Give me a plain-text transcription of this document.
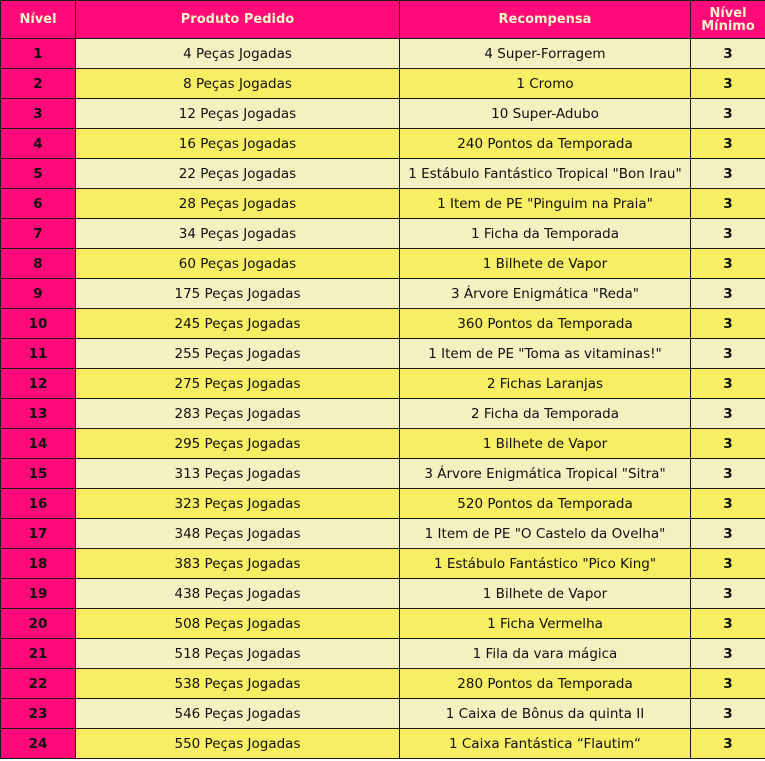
Nível	Produto Pedido	Recompensa	Nível
Mínimo
1	4 Peças Jogadas	4 Super-Forragem	3
2	8 Peças Jogadas	1 Cromo	3
3	12 Peças Jogadas	10 Super-Adubo	3
4	16 Peças Jogadas	240 Pontos da Temporada	3
5	22 Peças Jogadas	1 Estábulo Fantástico Tropical "Bon Irau"	3
6	28 Peças Jogadas	1 Item de PE "Pinguim na Praia"	3
7	34 Peças Jogadas	1 Ficha da Temporada	3
8	60 Peças Jogadas	1 Bilhete de Vapor	3
9	175 Peças Jogadas	3 Árvore Enigmática "Reda"	3
10	245 Peças Jogadas	360 Pontos da Temporada	3
11	255 Peças Jogadas	1 Item de PE "Toma as vitaminas!"	3
12	275 Peças Jogadas	2 Fichas Laranjas	3
13	283 Peças Jogadas	2 Ficha da Temporada	3
14	295 Peças Jogadas	1 Bilhete de Vapor	3
15	313 Peças Jogadas	3 Árvore Enigmática Tropical "Sitra"	3
16	323 Peças Jogadas	520 Pontos da Temporada	3
17	348 Peças Jogadas	1 Item de PE "O Castelo da Ovelha"	3
18	383 Peças Jogadas	1 Estábulo Fantástico "Pico King"	3
19	438 Peças Jogadas	1 Bilhete de Vapor	3
20	508 Peças Jogadas	1 Ficha Vermelha	3
21	518 Peças Jogadas	1 Fila da vara mágica	3
22	538 Peças Jogadas	280 Pontos da Temporada	3
23	546 Peças Jogadas	1 Caixa de Bônus da quinta II	3
24	550 Peças Jogadas	1 Caixa Fantástica “Flautim“	3
